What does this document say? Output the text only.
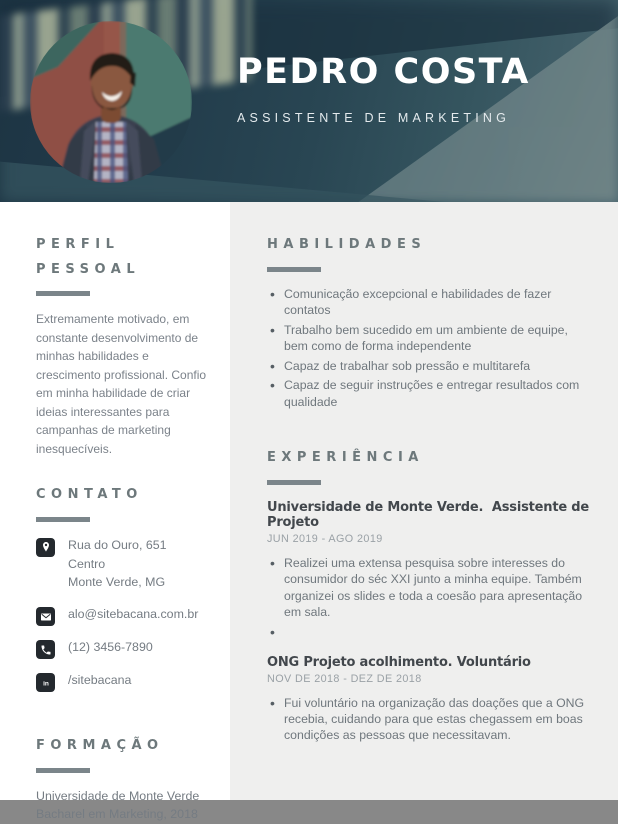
PEDRO COSTA
ASSISTENTE DE MARKETING
PERFIL PESSOAL

Extremamente motivado, em constante desenvolvimento de minhas habilidades e crescimento profissional. Confio em minha habilidade de criar ideias interessantes para campanhas de marketing inesquecíveis.

CONTATO
Rua do Ouro, 651
Centro
Monte Verde, MG
alo@sitebacana.com.br
(12) 3456-7890
in /sitebacana
FORMAÇÃO
Universidade de Monte Verde
Bacharel em Marketing, 2018
HABILIDADES
• Comunicação excepcional e habilidades de fazer contatos
• Trabalho bem sucedido em um ambiente de equipe, bem como de forma independente
• Capaz de trabalhar sob pressão e multitarefa
• Capaz de seguir instruções e entregar resultados com qualidade
EXPERIÊNCIA
Universidade de Monte Verde.  Assistente de Projeto
JUN 2019 - AGO 2019
• Realizei uma extensa pesquisa sobre interesses do consumidor do séc XXI junto a minha equipe. Também organizei os slides e toda a coesão para apresentação em sala.
•
ONG Projeto acolhimento. Voluntário
NOV DE 2018 - DEZ DE 2018
• Fui voluntário na organização das doações que a ONG recebia, cuidando para que estas chegassem em boas condições as pessoas que necessitavam.
